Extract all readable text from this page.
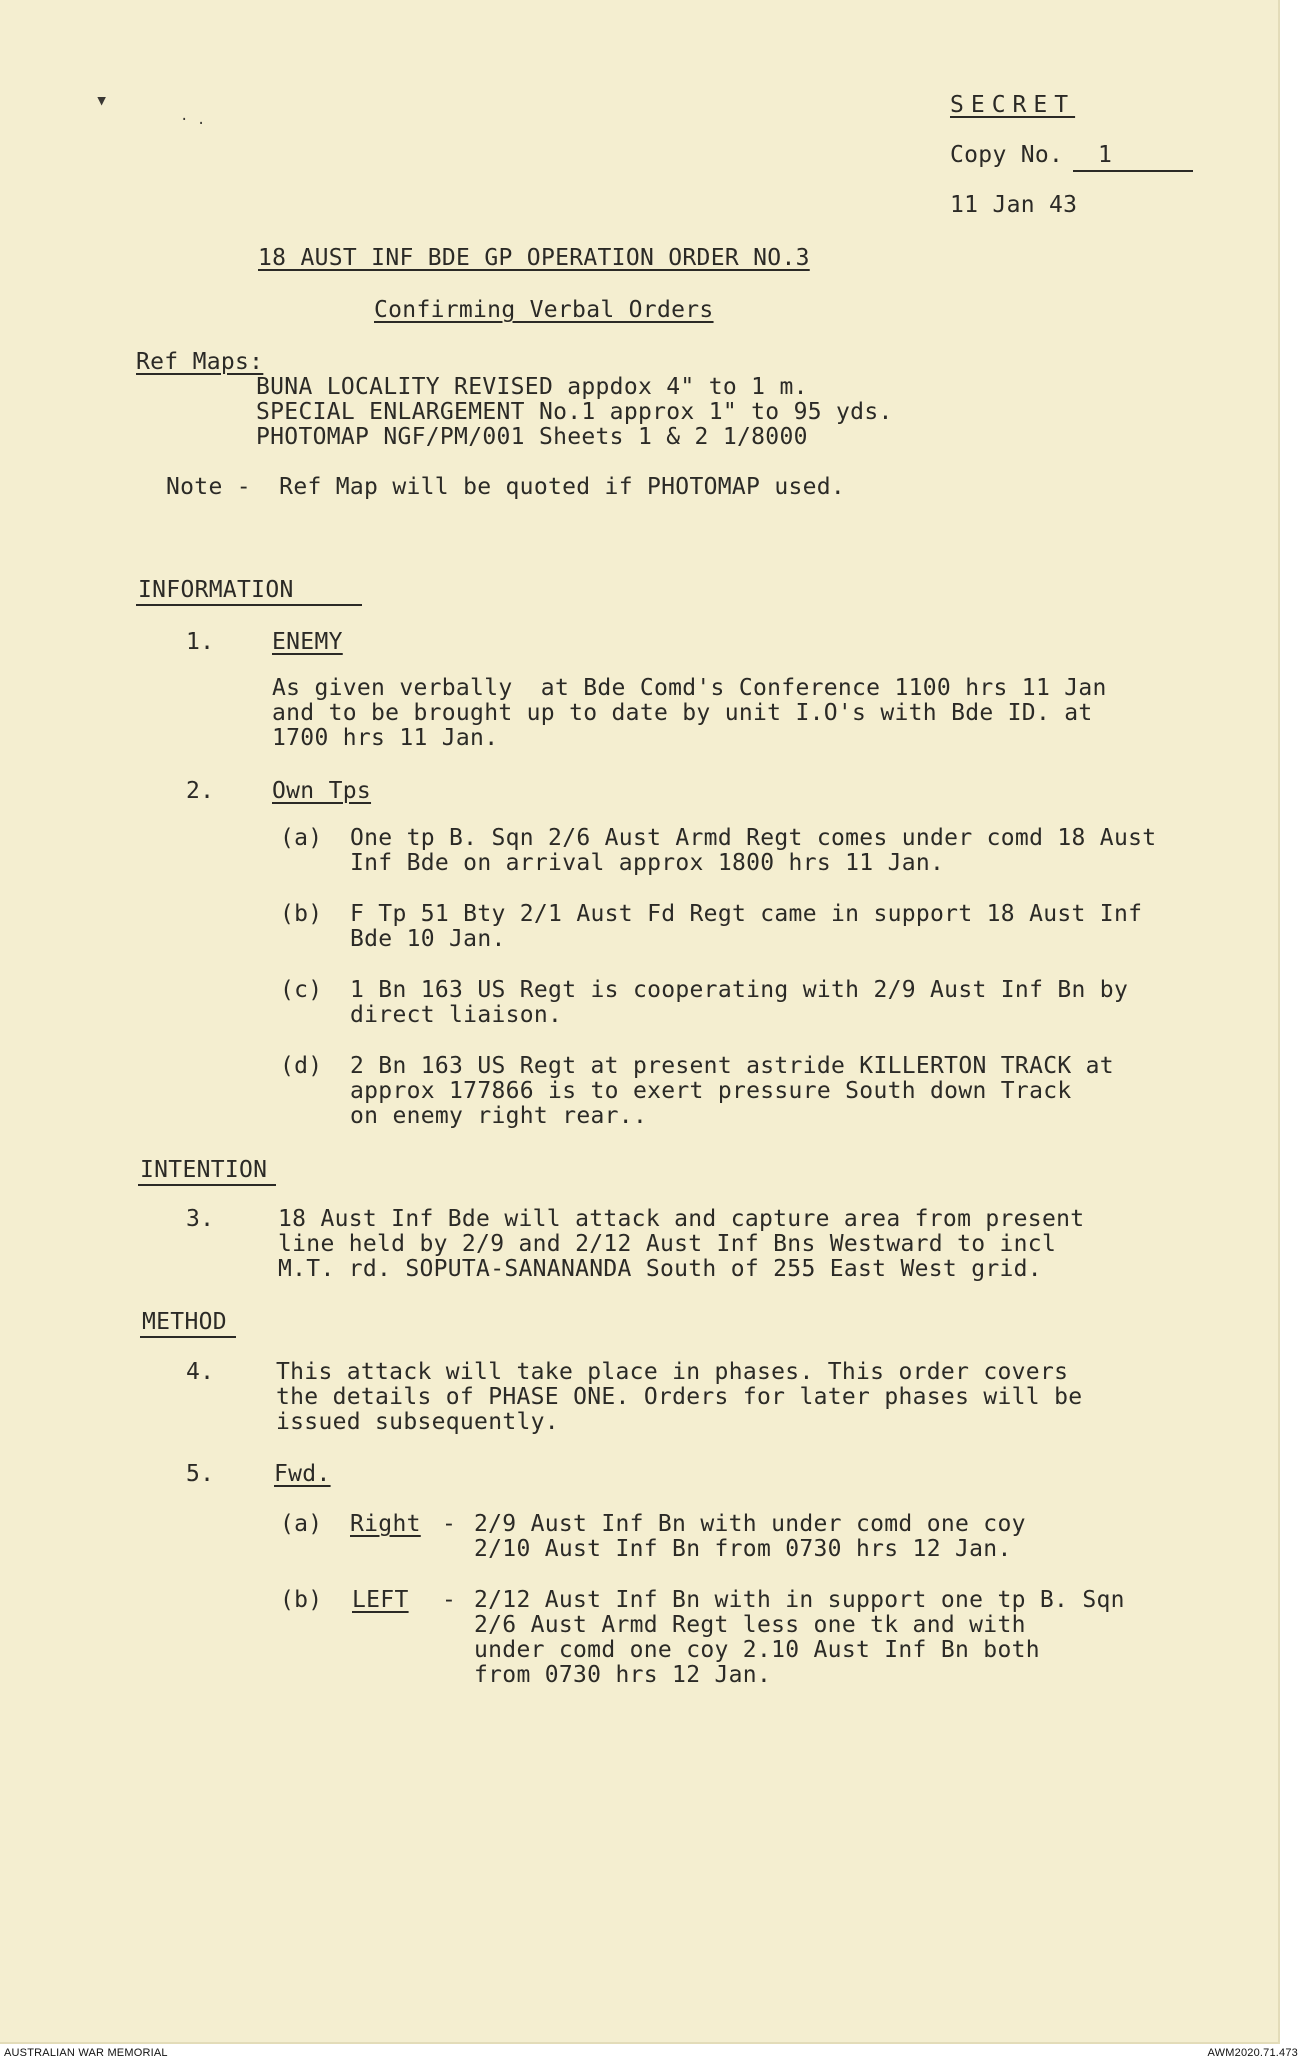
▾
· .
SECRET
Copy No. 1
11 Jan 43
18 AUST INF BDE GP OPERATION ORDER NO.3
Confirming Verbal Orders
Ref Maps:
BUNA LOCALITY REVISED appdox 4" to 1 m.
SPECIAL ENLARGEMENT No.1 approx 1" to 95 yds.
PHOTOMAP NGF/PM/001 Sheets 1 & 2 1/8000
Note -  Ref Map will be quoted if PHOTOMAP used.
INFORMATION
1.	ENEMY
As given verbally  at Bde Comd's Conference 1100 hrs 11 Jan
and to be brought up to date by unit I.O's with Bde ID. at
1700 hrs 11 Jan.
2.	Own Tps
(a) One tp B. Sqn 2/6 Aust Armd Regt comes under comd 18 Aust
Inf Bde on arrival approx 1800 hrs 11 Jan.
(b) F Tp 51 Bty 2/1 Aust Fd Regt came in support 18 Aust Inf
Bde 10 Jan.
(c) 1 Bn 163 US Regt is cooperating with 2/9 Aust Inf Bn by
direct liaison.
(d) 2 Bn 163 US Regt at present astride KILLERTON TRACK at
approx 177866 is to exert pressure South down Track
on enemy right rear..
INTENTION
3.	18 Aust Inf Bde will attack and capture area from present
line held by 2/9 and 2/12 Aust Inf Bns Westward to incl
M.T. rd. SOPUTA-SANANANDA South of 255 East West grid.
METHOD
4.	This attack will take place in phases. This order covers
the details of PHASE ONE. Orders for later phases will be
issued subsequently.
5.	Fwd.
(a) Right - 2/9 Aust Inf Bn with under comd one coy
2/10 Aust Inf Bn from 0730 hrs 12 Jan.
(b) LEFT - 2/12 Aust Inf Bn with in support one tp B. Sqn
2/6 Aust Armd Regt less one tk and with
under comd one coy 2.10 Aust Inf Bn both
from 0730 hrs 12 Jan.
AUSTRALIAN WAR MEMORIAL	AWM2020.71.473
